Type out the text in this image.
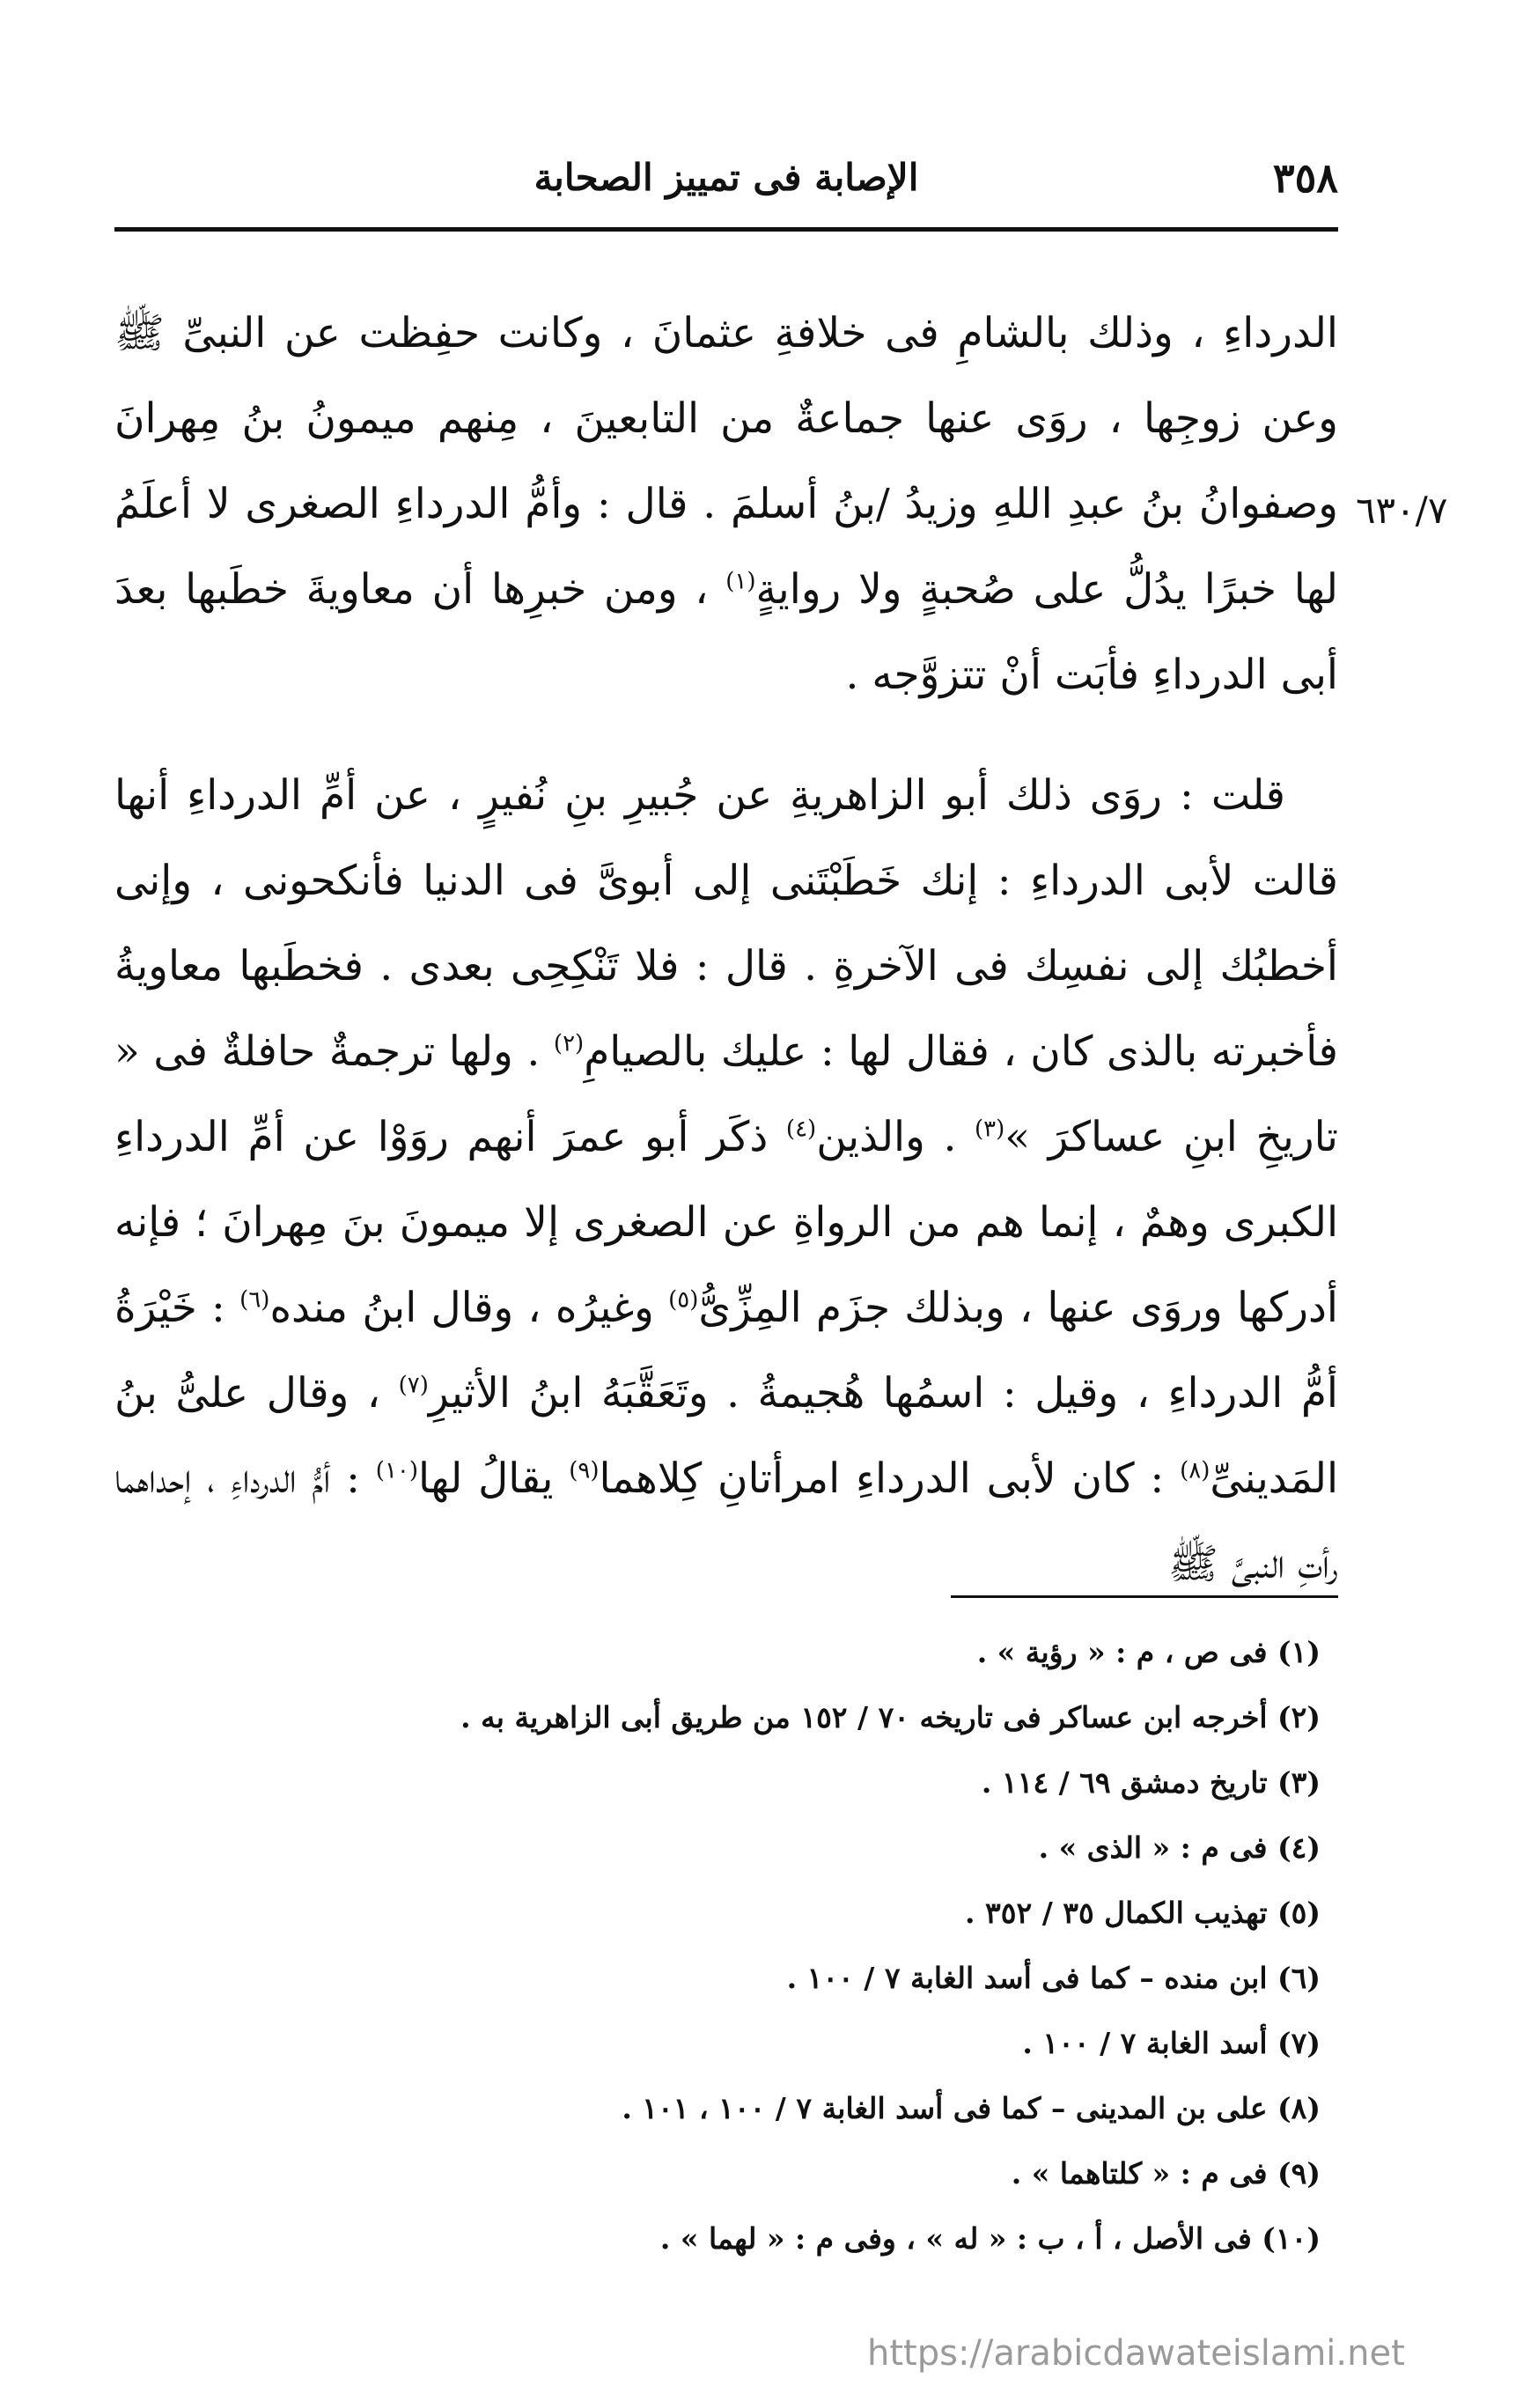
٣٥٨
الإصابة فى تمييز الصحابة
٦٣٠/٧

الدرداءِ ، وذلك بالشامِ فى خلافةِ عثمانَ ، وكانت حفِظت عن النبىِّ ﷺ وعن زوجِها ، روَى عنها جماعةٌ من التابعينَ ، مِنهم ميمونُ بنُ مِهرانَ وصفوانُ بنُ عبدِ اللهِ وزيدُ /بنُ أسلمَ . قال : وأمُّ الدرداءِ الصغرى لا أعلَمُ لها خبرًا يدُلُّ على صُحبةٍ ولا روايةٍ$^{(١)}$ ، ومن خبرِها أن معاويةَ خطَبها بعدَ أبى الدرداءِ فأبَت أنْ تتزوَّجه .

قلت : روَى ذلك أبو الزاهريةِ عن جُبيرِ بنِ نُفيرٍ ، عن أمِّ الدرداءِ أنها قالت لأبى الدرداءِ : إنك خَطَبْتَنى إلى أبوىَّ فى الدنيا فأنكحونى ، وإنى أخطبُك إلى نفسِك فى الآخرةِ . قال : فلا تَنْكِحِى بعدى . فخطَبها معاويةُ فأخبرته بالذى كان ، فقال لها : عليك بالصيامِ$^{(٢)}$ . ولها ترجمةٌ حافلةٌ فى « تاريخِ ابنِ عساكرَ »$^{(٣)}$ . والذين$^{(٤)}$ ذكَر أبو عمرَ أنهم روَوْا عن أمِّ الدرداءِ الكبرى وهمٌ ، إنما هم من الرواةِ عن الصغرى إلا ميمونَ بنَ مِهرانَ ؛ فإنه أدركها وروَى عنها ، وبذلك جزَم المِزِّىُّ$^{(٥)}$ وغيرُه ، وقال ابنُ منده$^{(٦)}$ : خَيْرَةُ أمُّ الدرداءِ ، وقيل : اسمُها هُجيمةُ . وتَعَقَّبَهُ ابنُ الأثيرِ$^{(٧)}$ ، وقال علىُّ بنُ المَدينىِّ$^{(٨)}$ : كان لأبى الدرداءِ امرأتانِ كِلاهما$^{(٩)}$ يقالُ لها$^{(١٠)}$ : أمُّ الدرداءِ ، إحداهما رأتِ النبىَّ ﷺ

(١) فى ص ، م : « رؤية » .
(٢) أخرجه ابن عساكر فى تاريخه ٧٠ / ١٥٢ من طريق أبى الزاهرية به .
(٣) تاريخ دمشق ٦٩ / ١١٤ .
(٤) فى م : « الذى » .
(٥) تهذيب الكمال ٣٥ / ٣٥٢ .
(٦) ابن منده – كما فى أسد الغابة ٧ / ١٠٠ .
(٧) أسد الغابة ٧ / ١٠٠ .
(٨) على بن المدينى – كما فى أسد الغابة ٧ / ١٠٠ ، ١٠١ .
(٩) فى م : « كلتاهما » .
(١٠) فى الأصل ، أ ، ب : « له » ، وفى م : « لهما » .
https://arabicdawateislami.net
